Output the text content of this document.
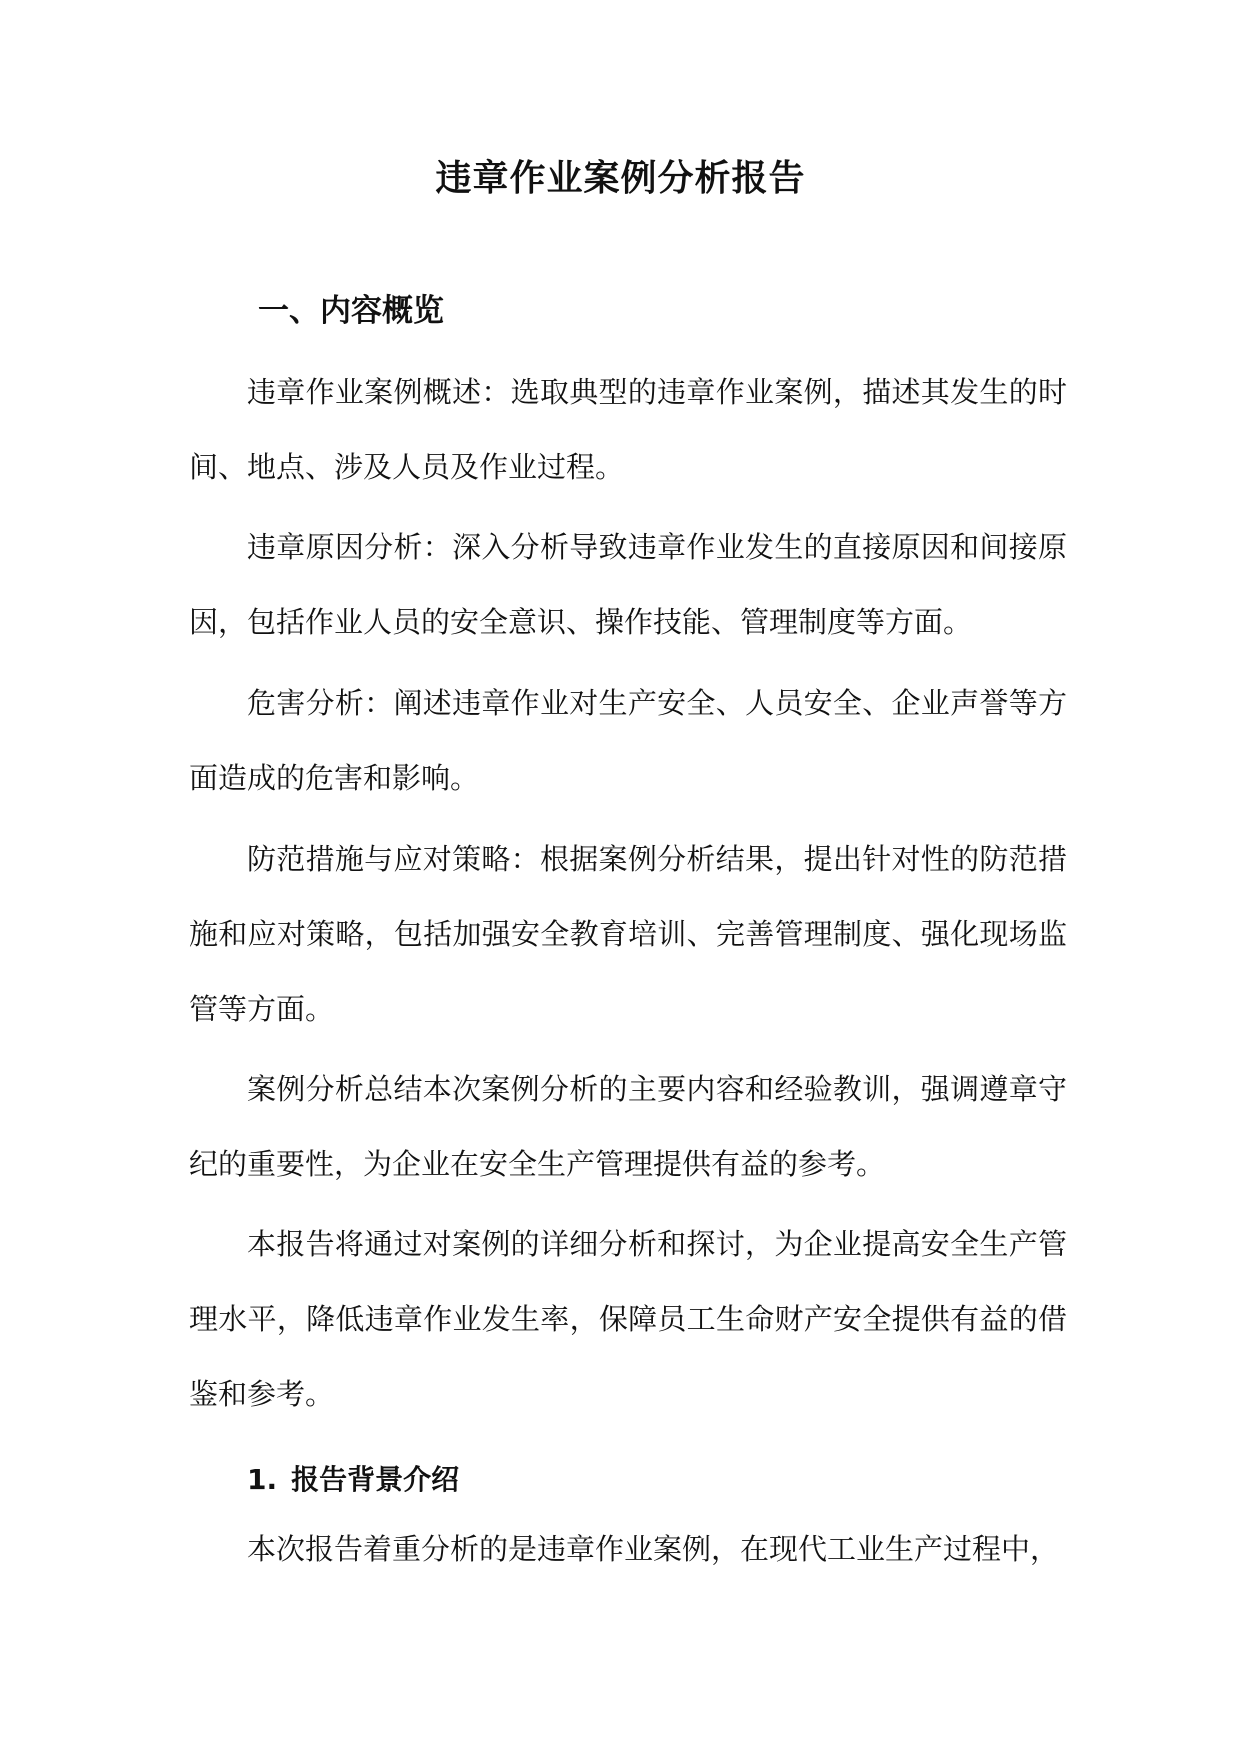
违章作业案例分析报告
一、内容概览

违章作业案例概述：选取典型的违章作业案例，描述其发生的时间、地点、涉及人员及作业过程。

违章原因分析：深入分析导致违章作业发生的直接原因和间接原因，包括作业人员的安全意识、操作技能、管理制度等方面。

危害分析：阐述违章作业对生产安全、人员安全、企业声誉等方面造成的危害和影响。

防范措施与应对策略：根据案例分析结果，提出针对性的防范措施和应对策略，包括加强安全教育培训、完善管理制度、强化现场监管等方面。

案例分析总结本次案例分析的主要内容和经验教训，强调遵章守纪的重要性，为企业在安全生产管理提供有益的参考。

本报告将通过对案例的详细分析和探讨，为企业提高安全生产管理水平，降低违章作业发生率，保障员工生命财产安全提供有益的借鉴和参考。

1. 报告背景介绍

本次报告着重分析的是违章作业案例，在现代工业生产过程中，
